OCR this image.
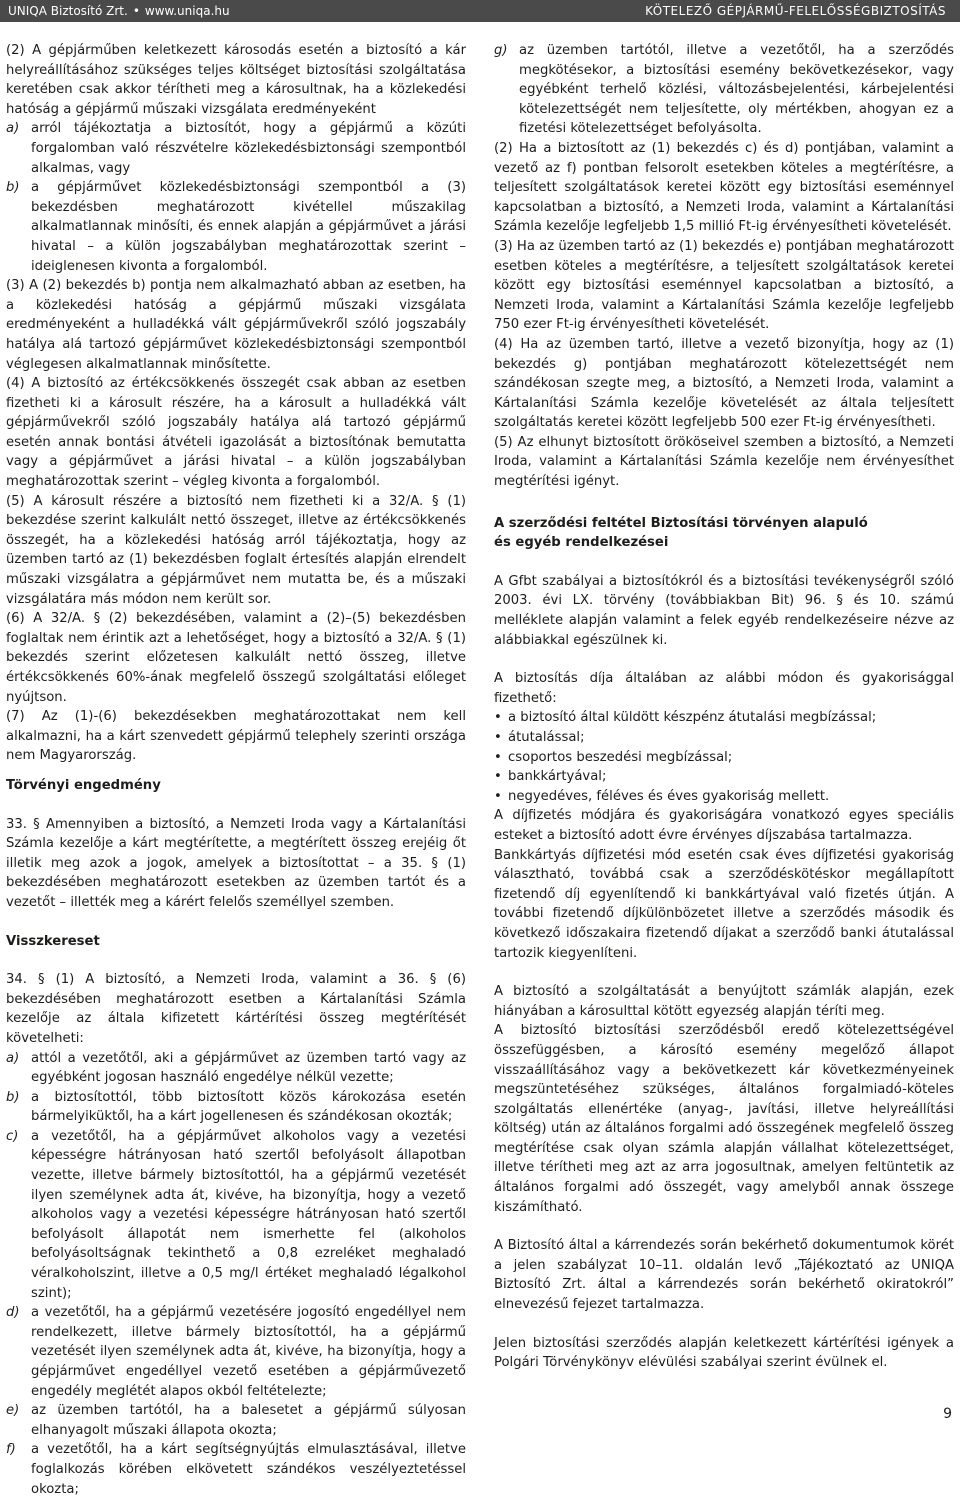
UNIQA Biztosító Zrt. • www.uniqa.hu	KÖTELEZŐ GÉPJÁRMŰ-FELELŐSSÉGBIZTOSÍTÁS

(2) A gépjárműben keletkezett károsodás esetén a biztosító a kár helyreállításához szükséges teljes költséget biztosítási szolgáltatása keretében csak akkor térítheti meg a károsultnak, ha a közlekedési hatóság a gépjármű műszaki vizsgálata eredményeként

a) arról tájékoztatja a biztosítót, hogy a gépjármű a közúti forgalomban való részvételre közlekedésbiztonsági szempontból alkalmas, vagy
b) a gépjárművet közlekedésbiztonsági szempontból a (3) bekezdésben meghatározott kivétellel műszakilag alkalmatlannak minősíti, és ennek alapján a gépjárművet a járási hivatal – a külön jogszabályban meghatározottak szerint – ideiglenesen kivonta a forgalomból.

(3) A (2) bekezdés b) pontja nem alkalmazható abban az esetben, ha a közlekedési hatóság a gépjármű műszaki vizsgálata eredményeként a hulladékká vált gépjárművekről szóló jogszabály hatálya alá tartozó gépjárművet közlekedésbiztonsági szempontból véglegesen alkalmatlannak minősítette.

(4) A biztosító az értékcsökkenés összegét csak abban az esetben fizetheti ki a károsult részére, ha a károsult a hulladékká vált gépjárművekről szóló jogszabály hatálya alá tartozó gépjármű esetén annak bontási átvételi igazolását a biztosítónak bemutatta vagy a gépjárművet a járási hivatal – a külön jogszabályban meghatározottak szerint – végleg kivonta a forgalomból.

(5) A károsult részére a biztosító nem fizetheti ki a 32/A. § (1) bekezdése szerint kalkulált nettó összeget, illetve az értékcsökkenés összegét, ha a közlekedési hatóság arról tájékoztatja, hogy az üzemben tartó az (1) bekezdésben foglalt értesítés alapján elrendelt műszaki vizsgálatra a gépjárművet nem mutatta be, és a műszaki vizsgálatára más módon nem került sor.

(6) A 32/A. § (2) bekezdésében, valamint a (2)–(5) bekezdésben foglaltak nem érintik azt a lehetőséget, hogy a biztosító a 32/A. § (1) bekezdés szerint előzetesen kalkulált nettó összeg, illetve értékcsökkenés 60%-ának megfelelő összegű szolgáltatási előleget nyújtson.

(7) Az (1)-(6) bekezdésekben meghatározottakat nem kell alkalmazni, ha a kárt szenvedett gépjármű telephely szerinti országa nem Magyarország.

Törvényi engedmény

33. § Amennyiben a biztosító, a Nemzeti Iroda vagy a Kártalanítási Számla kezelője a kárt megtérítette, a megtérített összeg erejéig őt illetik meg azok a jogok, amelyek a biztosítottat – a 35. § (1) bekezdésében meghatározott esetekben az üzemben tartót és a vezetőt – illették meg a kárért felelős személlyel szemben.

Visszkereset

34. § (1) A biztosító, a Nemzeti Iroda, valamint a 36. § (6) bekezdésében meghatározott esetben a Kártalanítási Számla kezelője az általa kifizetett kártérítési összeg megtérítését követelheti:

a) attól a vezetőtől, aki a gépjárművet az üzemben tartó vagy az egyébként jogosan használó engedélye nélkül vezette;
b) a biztosítottól, több biztosított közös károkozása esetén bármelyiküktől, ha a kárt jogellenesen és szándékosan okozták;
c) a vezetőtől, ha a gépjárművet alkoholos vagy a vezetési képességre hátrányosan ható szertől befolyásolt állapotban vezette, illetve bármely biztosítottól, ha a gépjármű vezetését ilyen személynek adta át, kivéve, ha bizonyítja, hogy a vezető alkoholos vagy a vezetési képességre hátrányosan ható szertől befolyásolt állapotát nem ismerhette fel (alkoholos befolyásoltságnak tekinthető a 0,8 ezreléket meghaladó véralkoholszint, illetve a 0,5 mg/l értéket meghaladó légalkohol szint);
d) a vezetőtől, ha a gépjármű vezetésére jogosító engedéllyel nem rendelkezett, illetve bármely biztosítottól, ha a gépjármű vezetését ilyen személynek adta át, kivéve, ha bizonyítja, hogy a gépjárművet engedéllyel vezető esetében a gépjárművezető engedély meglétét alapos okból feltételezte;
e) az üzemben tartótól, ha a balesetet a gépjármű súlyosan elhanyagolt műszaki állapota okozta;
f) a vezetőtől, ha a kárt segítségnyújtás elmulasztásával, illetve foglalkozás körében elkövetett szándékos veszélyeztetéssel okozta;
g) az üzemben tartótól, illetve a vezetőtől, ha a szerződés megkötésekor, a biztosítási esemény bekövetkezésekor, vagy egyébként terhelő közlési, változásbejelentési, kárbejelentési kötelezettségét nem teljesítette, oly mértékben, ahogyan ez a fizetési kötelezettséget befolyásolta.

(2) Ha a biztosított az (1) bekezdés c) és d) pontjában, valamint a vezető az f) pontban felsorolt esetekben köteles a megtérítésre, a teljesített szolgáltatások keretei között egy biztosítási eseménnyel kapcsolatban a biztosító, a Nemzeti Iroda, valamint a Kártalanítási Számla kezelője legfeljebb 1,5 millió Ft-ig érvényesítheti követelését.

(3) Ha az üzemben tartó az (1) bekezdés e) pontjában meghatározott esetben köteles a megtérítésre, a teljesített szolgáltatások keretei között egy biztosítási eseménnyel kapcsolatban a biztosító, a Nemzeti Iroda, valamint a Kártalanítási Számla kezelője legfeljebb 750 ezer Ft-ig érvényesítheti követelését.

(4) Ha az üzemben tartó, illetve a vezető bizonyítja, hogy az (1) bekezdés g) pontjában meghatározott kötelezettségét nem szándékosan szegte meg, a biztosító, a Nemzeti Iroda, valamint a Kártalanítási Számla kezelője követelését az általa teljesített szolgáltatás keretei között legfeljebb 500 ezer Ft-ig érvényesítheti.

(5) Az elhunyt biztosított örököseivel szemben a biztosító, a Nemzeti Iroda, valamint a Kártalanítási Számla kezelője nem érvényesíthet megtérítési igényt.

A szerződési feltétel Biztosítási törvényen alapuló

és egyéb rendelkezései

A Gfbt szabályai a biztosítókról és a biztosítási tevékenységről szóló 2003. évi LX. törvény (továbbiakban Bit) 96. § és 10. számú melléklete alapján valamint a felek egyéb rendelkezéseire nézve az alábbiakkal egészülnek ki.

A biztosítás díja általában az alábbi módon és gyakorisággal fizethető:

• a biztosító által küldött készpénz átutalási megbízással;
• átutalással;
• csoportos beszedési megbízással;
• bankkártyával;
• negyedéves, féléves és éves gyakoriság mellett.

A díjfizetés módjára és gyakoriságára vonatkozó egyes speciális esteket a biztosító adott évre érvényes díjszabása tartalmazza.

Bankkártyás díjfizetési mód esetén csak éves díjfizetési gyakoriság választható, továbbá csak a szerződéskötéskor megállapított fizetendő díj egyenlítendő ki bankkártyával való fizetés útján. A további fizetendő díjkülönbözetet illetve a szerződés második és következő időszakaira fizetendő díjakat a szerződő banki átutalással tartozik kiegyenlíteni.

A biztosító a szolgáltatását a benyújtott számlák alapján, ezek hiányában a károsulttal kötött egyezség alapján téríti meg.

A biztosító biztosítási szerződésből eredő kötelezettségével összefüggésben, a károsító esemény megelőző állapot visszaállításához vagy a bekövetkezett kár következményeinek megszüntetéséhez szükséges, általános forgalmiadó-köteles szolgáltatás ellenértéke (anyag-, javítási, illetve helyreállítási költség) után az általános forgalmi adó összegének megfelelő összeg megtérítése csak olyan számla alapján vállalhat kötelezettséget, illetve térítheti meg azt az arra jogosultnak, amelyen feltüntetik az általános forgalmi adó összegét, vagy amelyből annak összege kiszámítható.

A Biztosító által a kárrendezés során bekérhető dokumentumok körét a jelen szabályzat 10–11. oldalán levő „Tájékoztató az UNIQA Biztosító Zrt. által a kárrendezés során bekérhető okiratokról” elnevezésű fejezet tartalmazza.

Jelen biztosítási szerződés alapján keletkezett kártérítési igények a Polgári Törvénykönyv elévülési szabályai szerint évülnek el.

9
